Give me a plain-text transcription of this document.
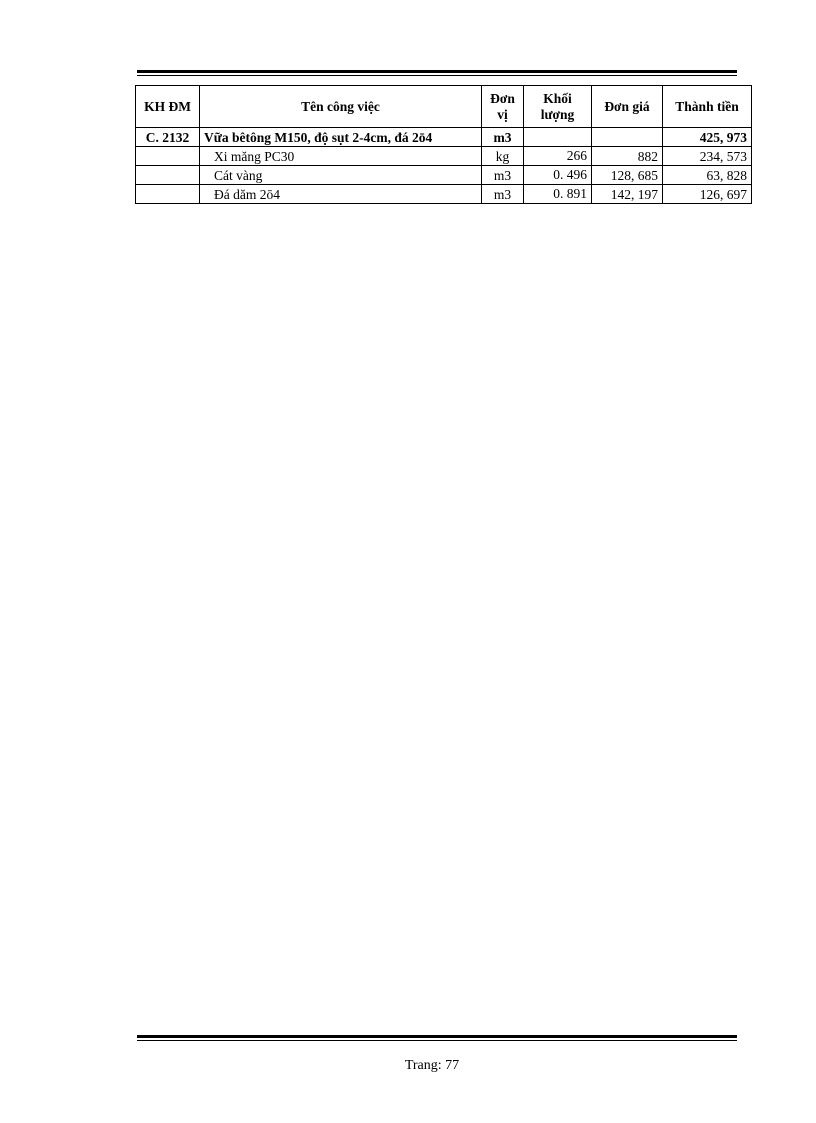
KH ĐM	Tên công việc	Đơn vị	Khối lượng	Đơn giá	Thành tiền
C. 2132	Vữa bêtông M150, độ sụt 2-4cm, đá 2ō4	m3			425, 973
	Xi măng PC30	kg	266	882	234, 573
	Cát vàng	m3	0. 496	128, 685	63, 828
	Đá dăm 2ō4	m3	0. 891	142, 197	126, 697
Trang: 77
